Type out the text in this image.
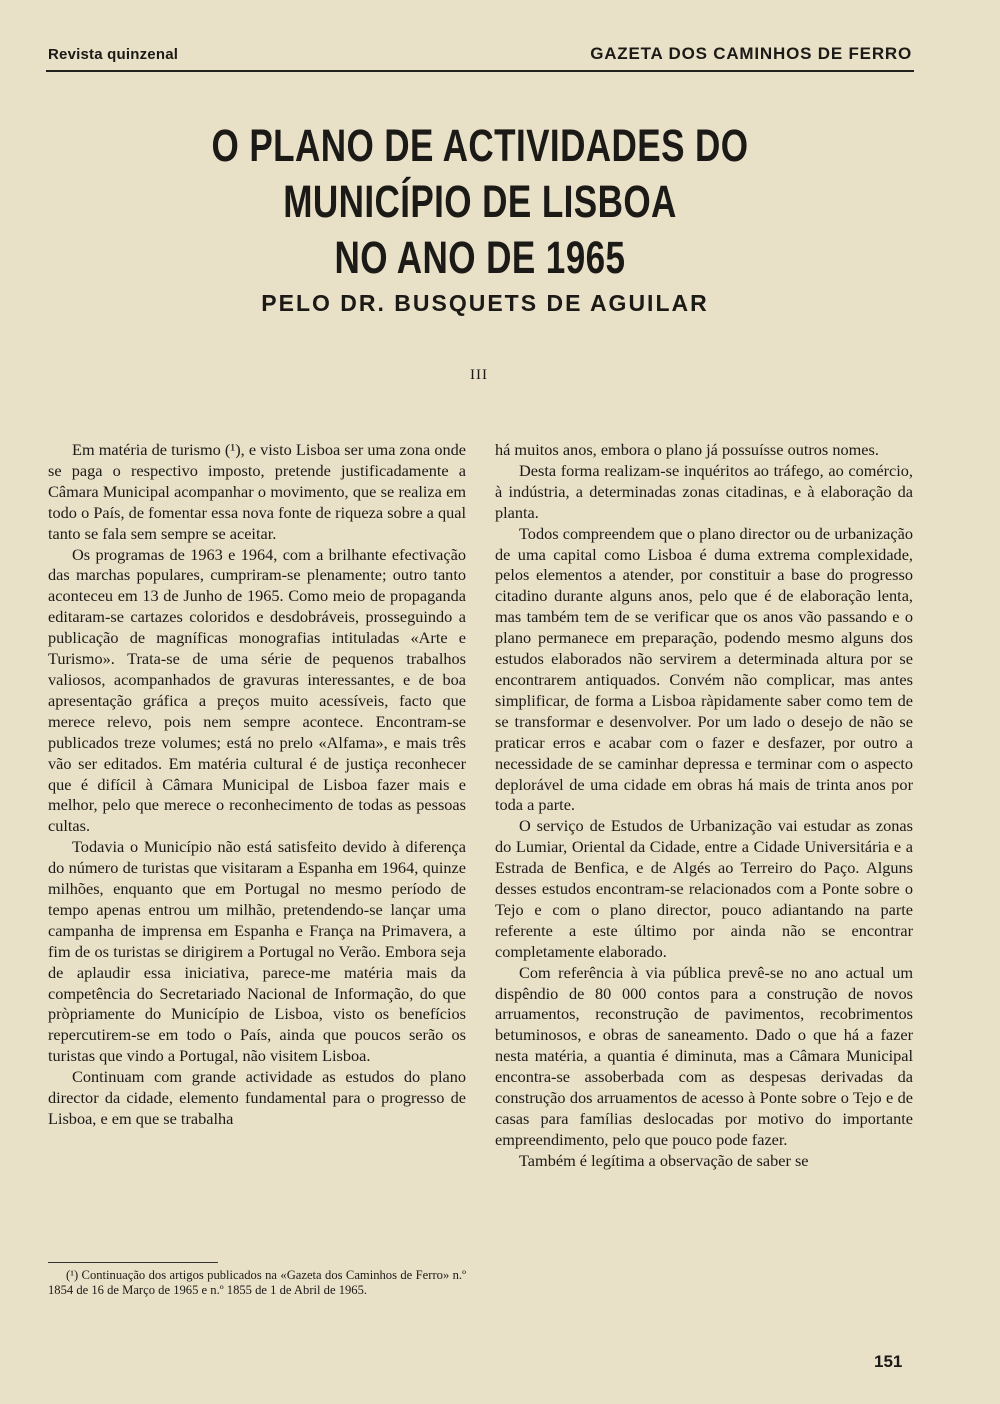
Revista quinzenal	GAZETA DOS CAMINHOS DE FERRO
O PLANO DE ACTIVIDADES DO MUNICÍPIO DE LISBOA
NO ANO DE 1965
PELO DR. BUSQUETS DE AGUILAR
III

Em matéria de turismo (¹), e visto Lisboa ser uma zona onde se paga o respectivo imposto, pretende justificadamente a Câmara Municipal acompanhar o movimento, que se realiza em todo o País, de fomentar essa nova fonte de riqueza sobre a qual tanto se fala sem sempre se aceitar.

Os programas de 1963 e 1964, com a brilhante efectivação das marchas populares, cumpriram-se plenamente; outro tanto aconteceu em 13 de Junho de 1965. Como meio de propaganda editaram-se cartazes coloridos e desdobráveis, prosseguindo a publicação de magníficas monografias intituladas «Arte e Turismo». Trata-se de uma série de pequenos trabalhos valiosos, acompanhados de gravuras interessantes, e de boa apresentação gráfica a preços muito acessíveis, facto que merece relevo, pois nem sempre acontece. Encontram-se publicados treze volumes; está no prelo «Alfama», e mais três vão ser editados. Em matéria cultural é de justiça reconhecer que é difícil à Câmara Municipal de Lisboa fazer mais e melhor, pelo que merece o reconhecimento de todas as pessoas cultas.

Todavia o Município não está satisfeito devido à diferença do número de turistas que visitaram a Espanha em 1964, quinze milhões, enquanto que em Portugal no mesmo período de tempo apenas entrou um milhão, pretendendo-se lançar uma campanha de imprensa em Espanha e França na Primavera, a fim de os turistas se dirigirem a Portugal no Verão. Embora seja de aplaudir essa iniciativa, parece-me matéria mais da competência do Secretariado Nacional de Informação, do que pròpriamente do Município de Lisboa, visto os benefícios repercutirem-se em todo o País, ainda que poucos serão os turistas que vindo a Portugal, não visitem Lisboa.

Continuam com grande actividade as estudos do plano director da cidade, elemento fundamental para o progresso de Lisboa, e em que se trabalha

há muitos anos, embora o plano já possuísse outros nomes.

Desta forma realizam-se inquéritos ao tráfego, ao comércio, à indústria, a determinadas zonas citadinas, e à elaboração da planta.

Todos compreendem que o plano director ou de urbanização de uma capital como Lisboa é duma extrema complexidade, pelos elementos a atender, por constituir a base do progresso citadino durante alguns anos, pelo que é de elaboração lenta, mas também tem de se verificar que os anos vão passando e o plano permanece em preparação, podendo mesmo alguns dos estudos elaborados não servirem a determinada altura por se encontrarem antiquados. Convém não complicar, mas antes simplificar, de forma a Lisboa ràpidamente saber como tem de se transformar e desenvolver. Por um lado o desejo de não se praticar erros e acabar com o fazer e desfazer, por outro a necessidade de se caminhar depressa e terminar com o aspecto deplorável de uma cidade em obras há mais de trinta anos por toda a parte.

O serviço de Estudos de Urbanização vai estudar as zonas do Lumiar, Oriental da Cidade, entre a Cidade Universitária e a Estrada de Benfica, e de Algés ao Terreiro do Paço. Alguns desses estudos encontram-se relacionados com a Ponte sobre o Tejo e com o plano director, pouco adiantando na parte referente a este último por ainda não se encontrar completamente elaborado.

Com referência à via pública prevê-se no ano actual um dispêndio de 80 000 contos para a construção de novos arruamentos, reconstrução de pavimentos, recobrimentos betuminosos, e obras de saneamento. Dado o que há a fazer nesta matéria, a quantia é diminuta, mas a Câmara Municipal encontra-se assoberbada com as despesas derivadas da construção dos arruamentos de acesso à Ponte sobre o Tejo e de casas para famílias deslocadas por motivo do importante empreendimento, pelo que pouco pode fazer.

Também é legítima a observação de saber se

(¹) Continuação dos artigos publicados na «Gazeta dos Caminhos de Ferro» n.º 1854 de 16 de Março de 1965 e n.º 1855 de 1 de Abril de 1965.
151
